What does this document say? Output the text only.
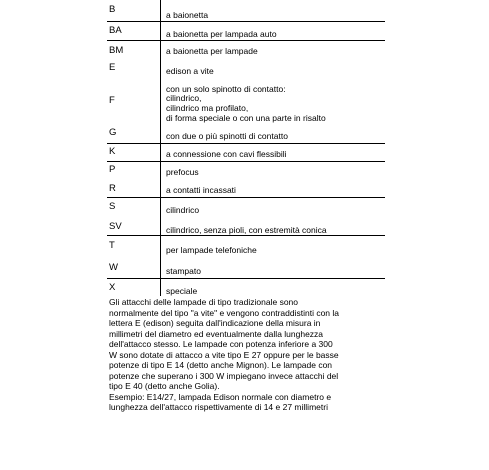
B
BA
BM
E
F
G
K
P
R
S
SV
T
W
X
a baionetta
a baionetta per lampada auto
a baionetta per lampade
edison a vite
con un solo spinotto di contatto:
cilindrico,
cilindrico ma profilato,
di forma speciale o con una parte in risalto
con due o più spinotti di contatto
a connessione con cavi flessibili
prefocus
a contatti incassati
cilindrico
cilindrico, senza pioli, con estremità conica
per lampade telefoniche
stampato
speciale
Gli attacchi delle lampade di tipo tradizionale sono
normalmente del tipo "a vite" e vengono contraddistinti con la
lettera E (edison) seguita dall'indicazione della misura in
millimetri del diametro ed eventualmente dalla lunghezza
dell'attacco stesso. Le lampade con potenza inferiore a 300
W sono dotate di attacco a vite tipo E 27 oppure per le basse
potenze di tipo E 14 (detto anche Mignon). Le lampade con
potenze che superano i 300 W impiegano invece attacchi del
tipo E 40 (detto anche Golia).
Esempio: E14/27, lampada Edison normale con diametro e
lunghezza dell'attacco rispettivamente di 14 e 27 millimetri
